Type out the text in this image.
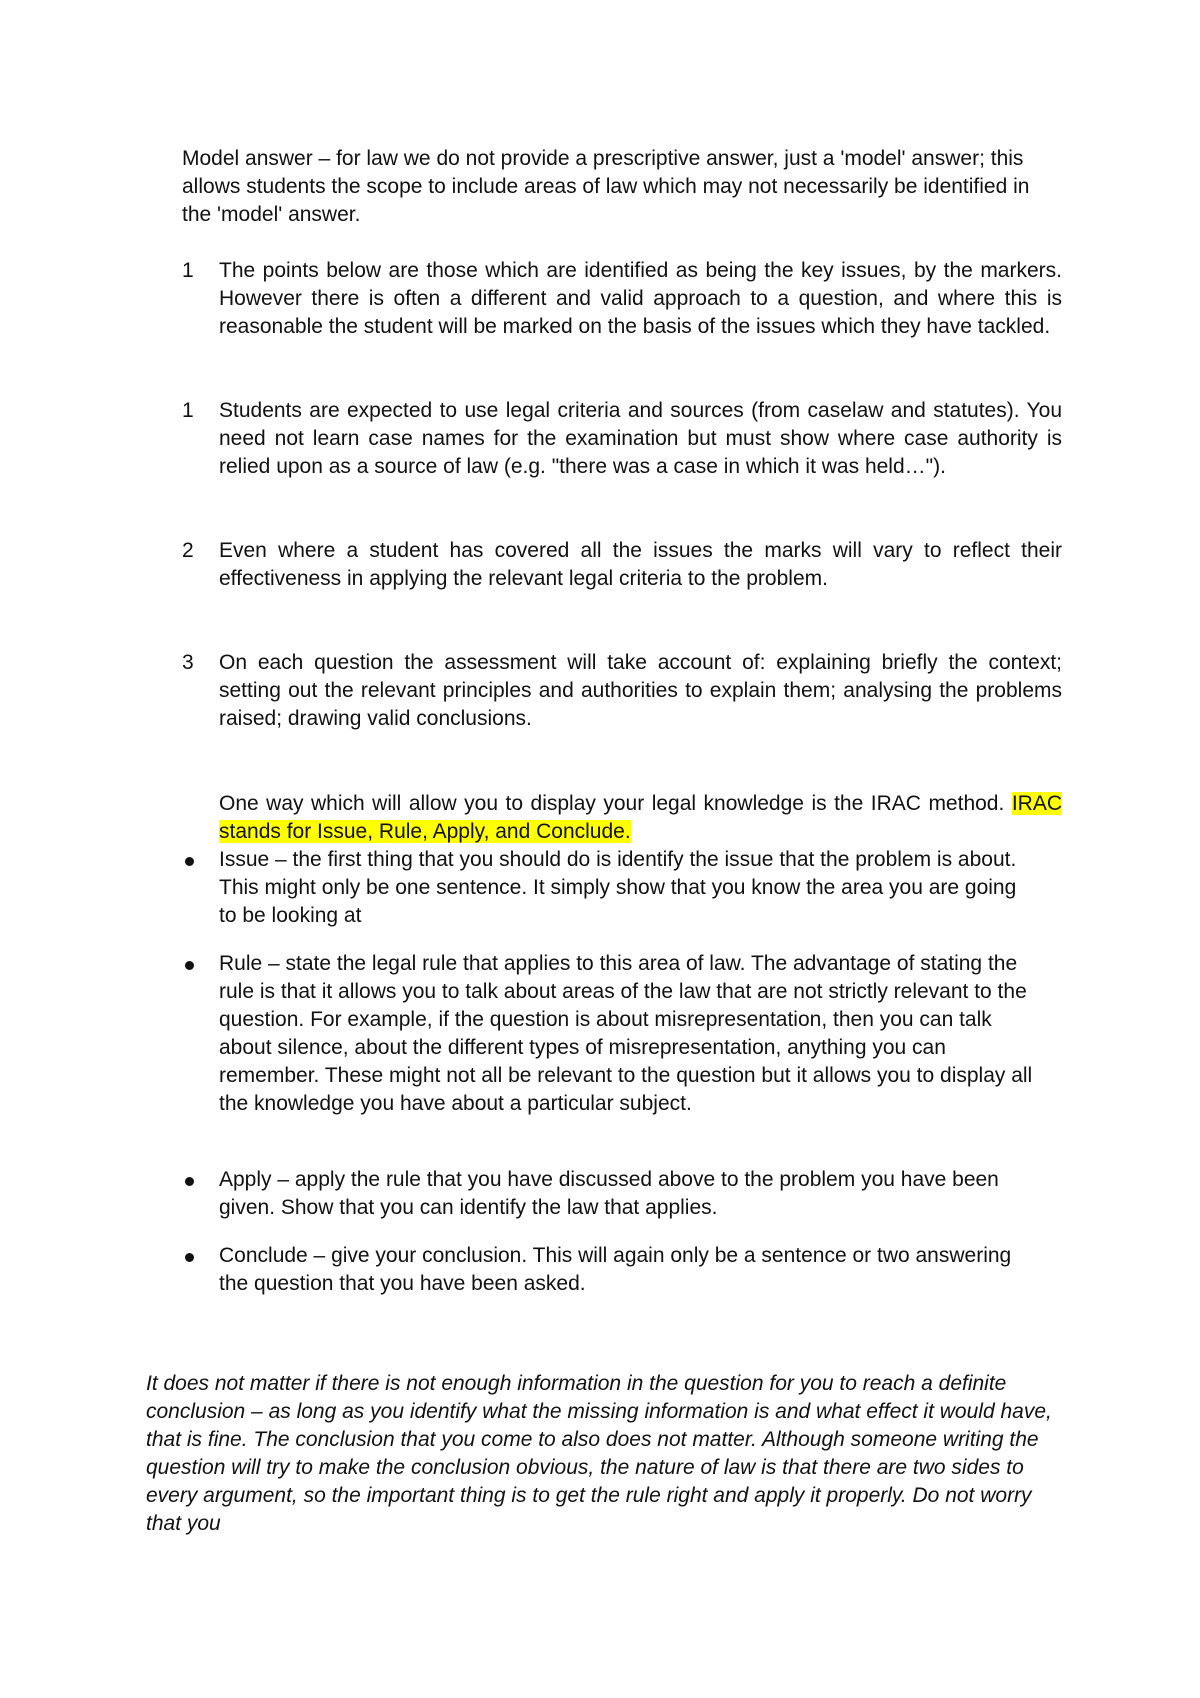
Model answer – for law we do not provide a prescriptive answer, just a 'model' answer; this allows students the scope to include areas of law which may not necessarily be identified in the 'model' answer.

1 The points below are those which are identified as being the key issues, by the markers. However there is often a different and valid approach to a question, and where this is reasonable the student will be marked on the basis of the issues which they have tackled.
1 Students are expected to use legal criteria and sources (from caselaw and statutes). You need not learn case names for the examination but must show where case authority is relied upon as a source of law (e.g. "there was a case in which it was held…").
2 Even where a student has covered all the issues the marks will vary to reflect their effectiveness in applying the relevant legal criteria to the problem.
3 On each question the assessment will take account of: explaining briefly the context; setting out the relevant principles and authorities to explain them; analysing the problems raised; drawing valid conclusions.
One way which will allow you to display your legal knowledge is the IRAC method. IRAC stands for Issue, Rule, Apply, and Conclude.
Issue – the first thing that you should do is identify the issue that the problem is about. This might only be one sentence. It simply show that you know the area you are going to be looking at
Rule – state the legal rule that applies to this area of law. The advantage of stating the rule is that it allows you to talk about areas of the law that are not strictly relevant to the question. For example, if the question is about misrepresentation, then you can talk about silence, about the different types of misrepresentation, anything you can remember. These might not all be relevant to the question but it allows you to display all the knowledge you have about a particular subject.
Apply – apply the rule that you have discussed above to the problem you have been given. Show that you can identify the law that applies.
Conclude – give your conclusion. This will again only be a sentence or two answering the question that you have been asked.

It does not matter if there is not enough information in the question for you to reach a definite conclusion – as long as you identify what the missing information is and what effect it would have, that is fine. The conclusion that you come to also does not matter. Although someone writing the question will try to make the conclusion obvious, the nature of law is that there are two sides to every argument, so the important thing is to get the rule right and apply it properly. Do not worry that you
